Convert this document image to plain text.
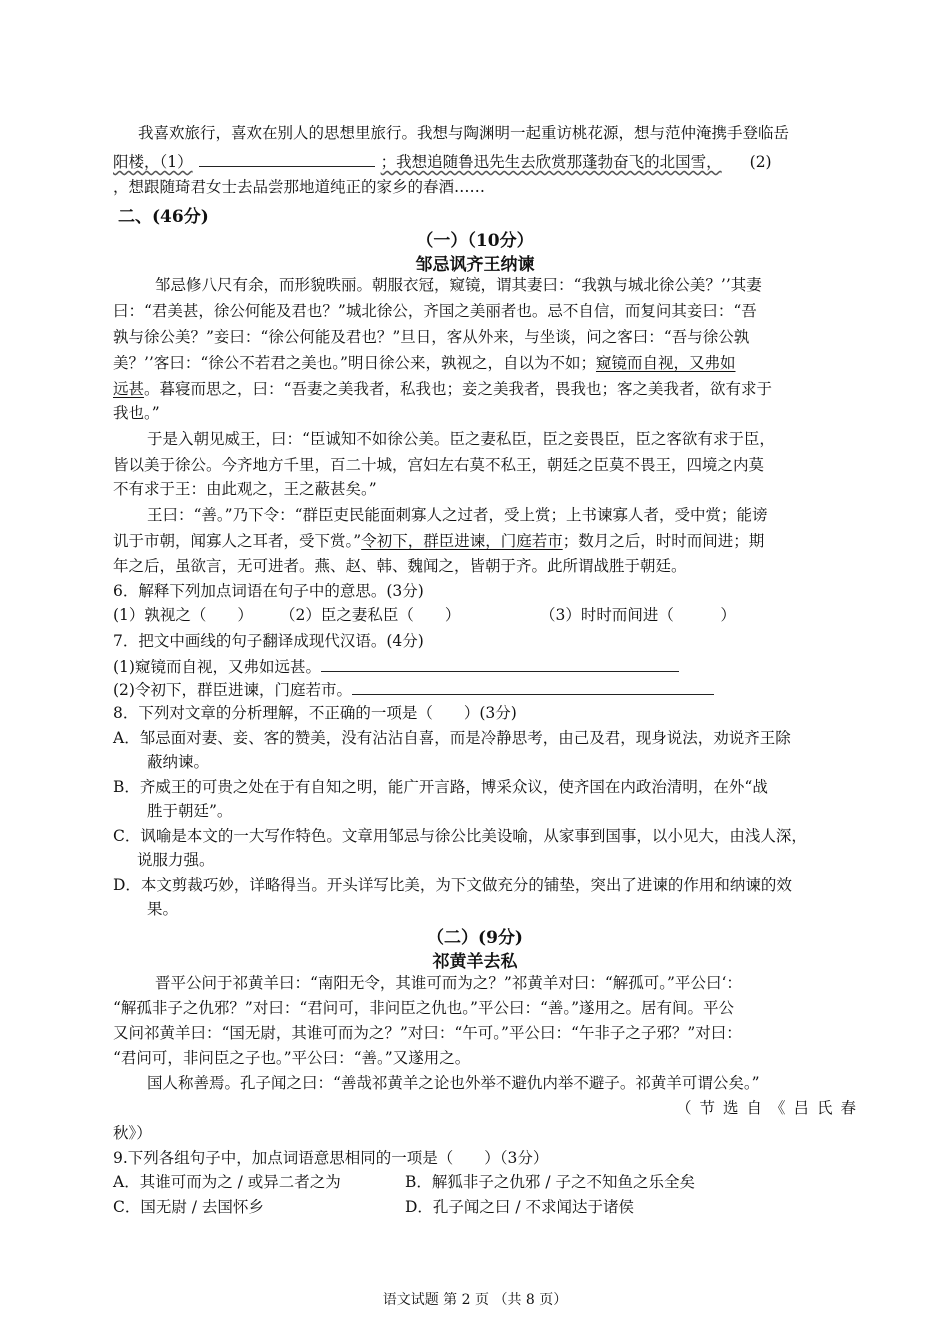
我喜欢旅行，喜欢在别人的思想里旅行。我想与陶渊明一起重访桃花源，想与范仲淹携手登临岳
阳楼，（1）	；我想追随鲁迅先生去欣赏那蓬勃奋飞的北国雪， (2)
，想跟随琦君女士去品尝那地道纯正的家乡的春酒……
二、(46分)
（一）（10分）
邹忌讽齐王纳谏
邹忌修八尺有余，而形貌昳丽。朝服衣冠，窥镜，谓其妻曰：“我孰与城北徐公美？’’其妻
曰：“君美甚，徐公何能及君也？”城北徐公，齐国之美丽者也。忌不自信，而复问其妾曰：“吾
孰与徐公美？”妾曰：“徐公何能及君也？”旦日，客从外来，与坐谈，问之客曰：“吾与徐公孰
美？’’客曰：“徐公不若君之美也。”明日徐公来，孰视之，自以为不如；窥镜而自视，又弗如
远甚。暮寝而思之，曰：“吾妻之美我者，私我也；妾之美我者，畏我也；客之美我者，欲有求于
我也。”
于是入朝见威王，曰：“臣诚知不如徐公美。臣之妻私臣，臣之妾畏臣，臣之客欲有求于臣，
皆以美于徐公。今齐地方千里，百二十城，宫妇左右莫不私王，朝廷之臣莫不畏王，四境之内莫
不有求于王：由此观之，王之蔽甚矣。”
王曰：“善。”乃下令：“群臣吏民能面刺寡人之过者，受上赏；上书谏寡人者，受中赏；能谤
讥于市朝，闻寡人之耳者，受下赏。”令初下，群臣进谏，门庭若市；数月之后，时时而间进；期
年之后，虽欲言，无可进者。燕、赵、韩、魏闻之，皆朝于齐。此所谓战胜于朝廷。
6．解释下列加点词语在句子中的意思。(3分)
(1）孰视之（　　） （2）臣之妻私臣（　　）	（3）时时而间进（　　　）
7．把文中画线的句子翻译成现代汉语。(4分)
(1)窥镜而自视，又弗如远甚。
(2)令初下，群臣进谏，门庭若市。
8．下列对文章的分析理解，不正确的一项是（　　）(3分)
A．邹忌面对妻、妾、客的赞美，没有沾沾自喜，而是冷静思考，由己及君，现身说法，劝说齐王除
蔽纳谏。
B．齐威王的可贵之处在于有自知之明，能广开言路，博采众议，使齐国在内政治清明，在外“战
胜于朝廷”。
C．讽喻是本文的一大写作特色。文章用邹忌与徐公比美设喻，从家事到国事，以小见大，由浅人深，
说服力强。
D．本文剪裁巧妙，详略得当。开头详写比美，为下文做充分的铺垫，突出了进谏的作用和纳谏的效
果。
（二）(9分)
祁黄羊去私
晋平公问于祁黄羊曰：“南阳无令，其谁可而为之？”祁黄羊对曰：“解孤可。”平公曰‘：
“解孤非子之仇邪？”对曰：“君问可，非问臣之仇也。”平公曰：“善。”遂用之。居有间。平公
又问祁黄羊曰：“国无尉，其谁可而为之？”对曰：“午可。”平公曰：“午非子之子邪？”对曰：
“君问可，非问臣之子也。”平公曰：“善。”又遂用之。
国人称善焉。孔子闻之曰：“善哉祁黄羊之论也外举不避仇内举不避子。祁黄羊可谓公矣。”
（节选自《吕氏春
秋》）
9.下列各组句子中，加点词语意思相同的一项是（　　）（3分）
A．其谁可而为之 / 或异二者之为	B．解狐非子之仇邪 / 子之不知鱼之乐全矣
C．国无尉 / 去国怀乡	D．孔子闻之曰 / 不求闻达于诸侯
语文试题 第 2 页 （共 8 页）
